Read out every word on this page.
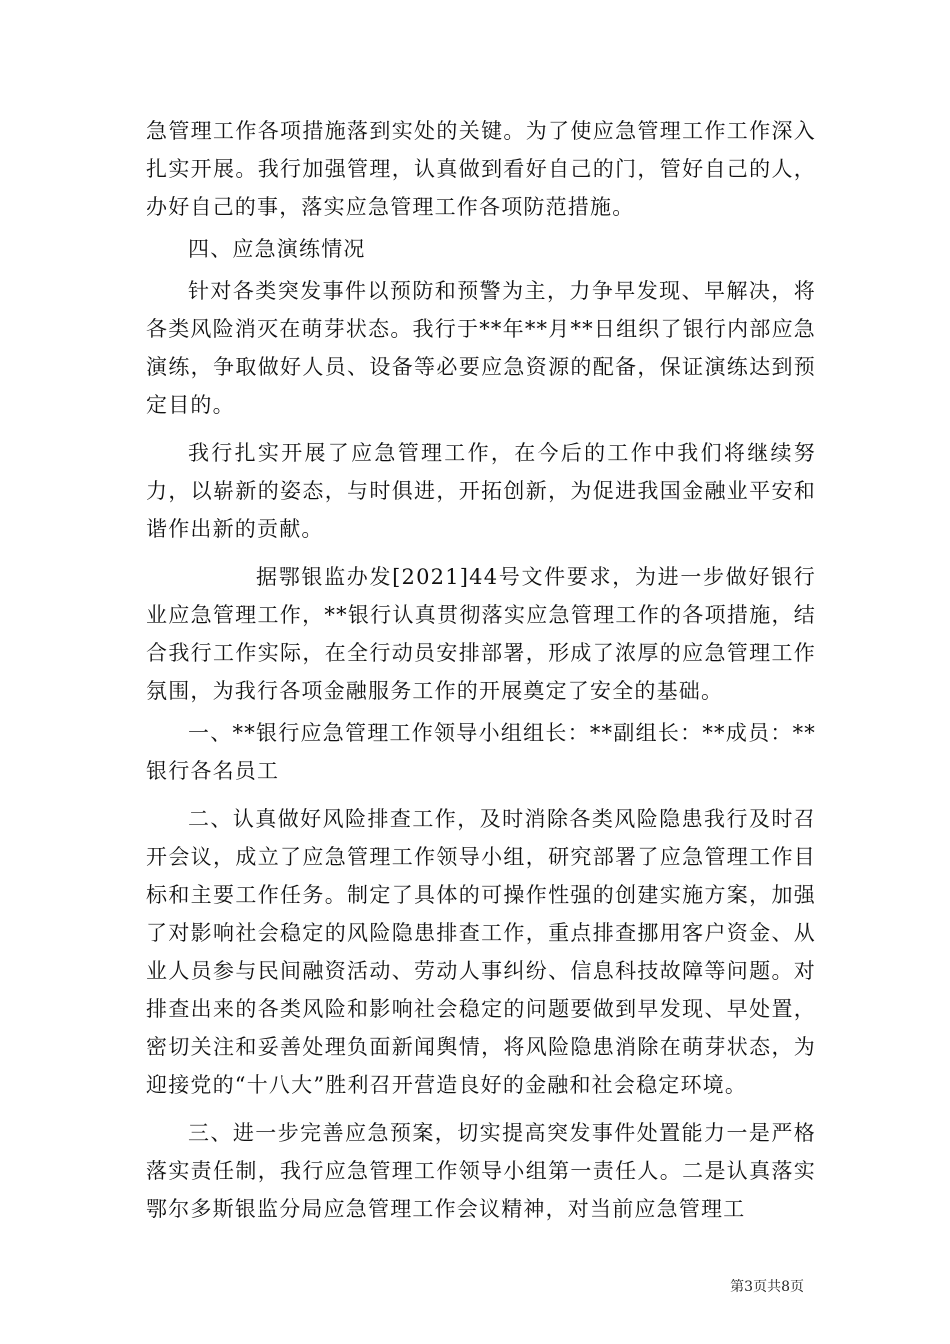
急管理工作各项措施落到实处的关键。为了使应急管理工作工作深入扎实开展。我行加强管理，认真做到看好自己的门，管好自己的人，办好自己的事，落实应急管理工作各项防范措施。

四、应急演练情况

针对各类突发事件以预防和预警为主，力争早发现、早解决，将各类风险消灭在萌芽状态。我行于**年**月**日组织了银行内部应急演练，争取做好人员、设备等必要应急资源的配备，保证演练达到预定目的。

我行扎实开展了应急管理工作，在今后的工作中我们将继续努力，以崭新的姿态，与时俱进，开拓创新，为促进我国金融业平安和谐作出新的贡献。

据鄂银监办发[2021]44号文件要求，为进一步做好银行业应急管理工作，**银行认真贯彻落实应急管理工作的各项措施，结合我行工作实际，在全行动员安排部署，形成了浓厚的应急管理工作氛围，为我行各项金融服务工作的开展奠定了安全的基础。

一、**银行应急管理工作领导小组组长：**副组长：**成员：**银行各名员工

二、认真做好风险排查工作，及时消除各类风险隐患我行及时召开会议，成立了应急管理工作领导小组，研究部署了应急管理工作目标和主要工作任务。制定了具体的可操作性强的创建实施方案，加强了对影响社会稳定的风险隐患排查工作，重点排查挪用客户资金、从业人员参与民间融资活动、劳动人事纠纷、信息科技故障等问题。对排查出来的各类风险和影响社会稳定的问题要做到早发现、早处置，密切关注和妥善处理负面新闻舆情，将风险隐患消除在萌芽状态，为迎接党的“十八大”胜利召开营造良好的金融和社会稳定环境。

三、进一步完善应急预案，切实提高突发事件处置能力一是严格落实责任制，我行应急管理工作领导小组第一责任人。二是认真落实鄂尔多斯银监分局应急管理工作会议精神，对当前应急管理工

第3页共8页
